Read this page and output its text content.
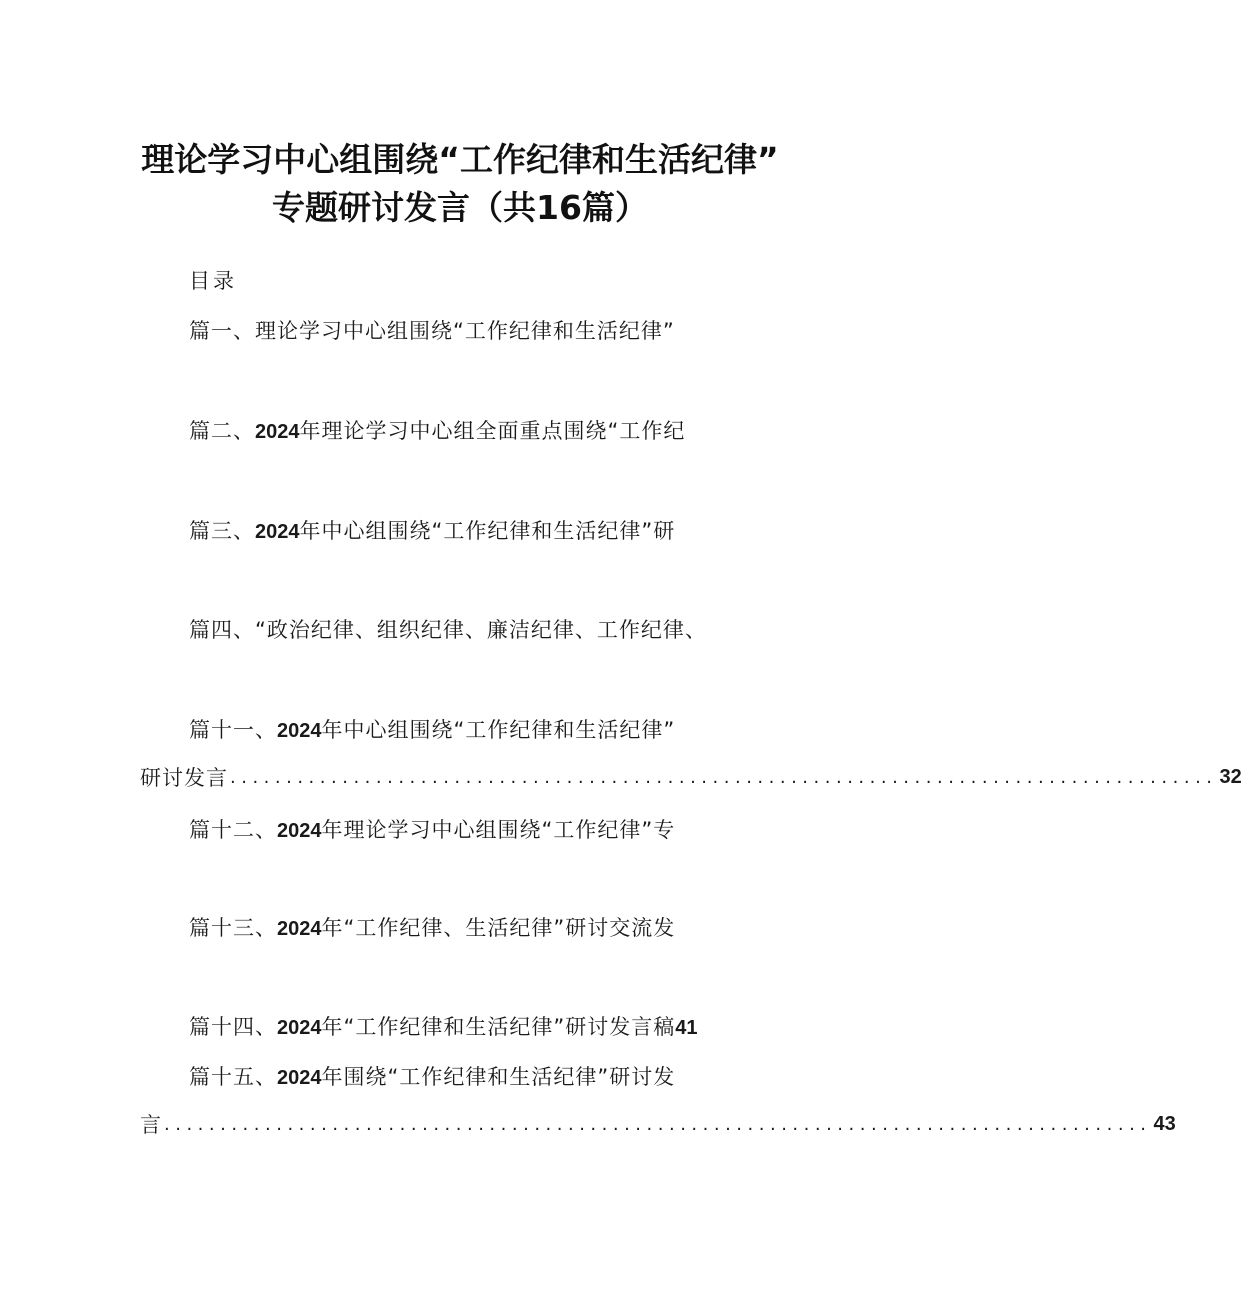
理论学习中心组围绕“工作纪律和生活纪律”
专题研讨发言（共16篇）
目录
篇一、理论学习中心组围绕“工作纪律和生活纪律”
篇二、2024年理论学习中心组全面重点围绕“工作纪
篇三、2024年中心组围绕“工作纪律和生活纪律”研
篇四、“政治纪律、组织纪律、廉洁纪律、工作纪律、
篇十一、2024年中心组围绕“工作纪律和生活纪律”
研讨发言 ........................................................................................ 32
篇十二、2024年理论学习中心组围绕“工作纪律”专
篇十三、2024年“工作纪律、生活纪律”研讨交流发
篇十四、2024年“工作纪律和生活纪律”研讨发言稿41
篇十五、2024年围绕“工作纪律和生活纪律”研讨发
言 ........................................................................................ 43
